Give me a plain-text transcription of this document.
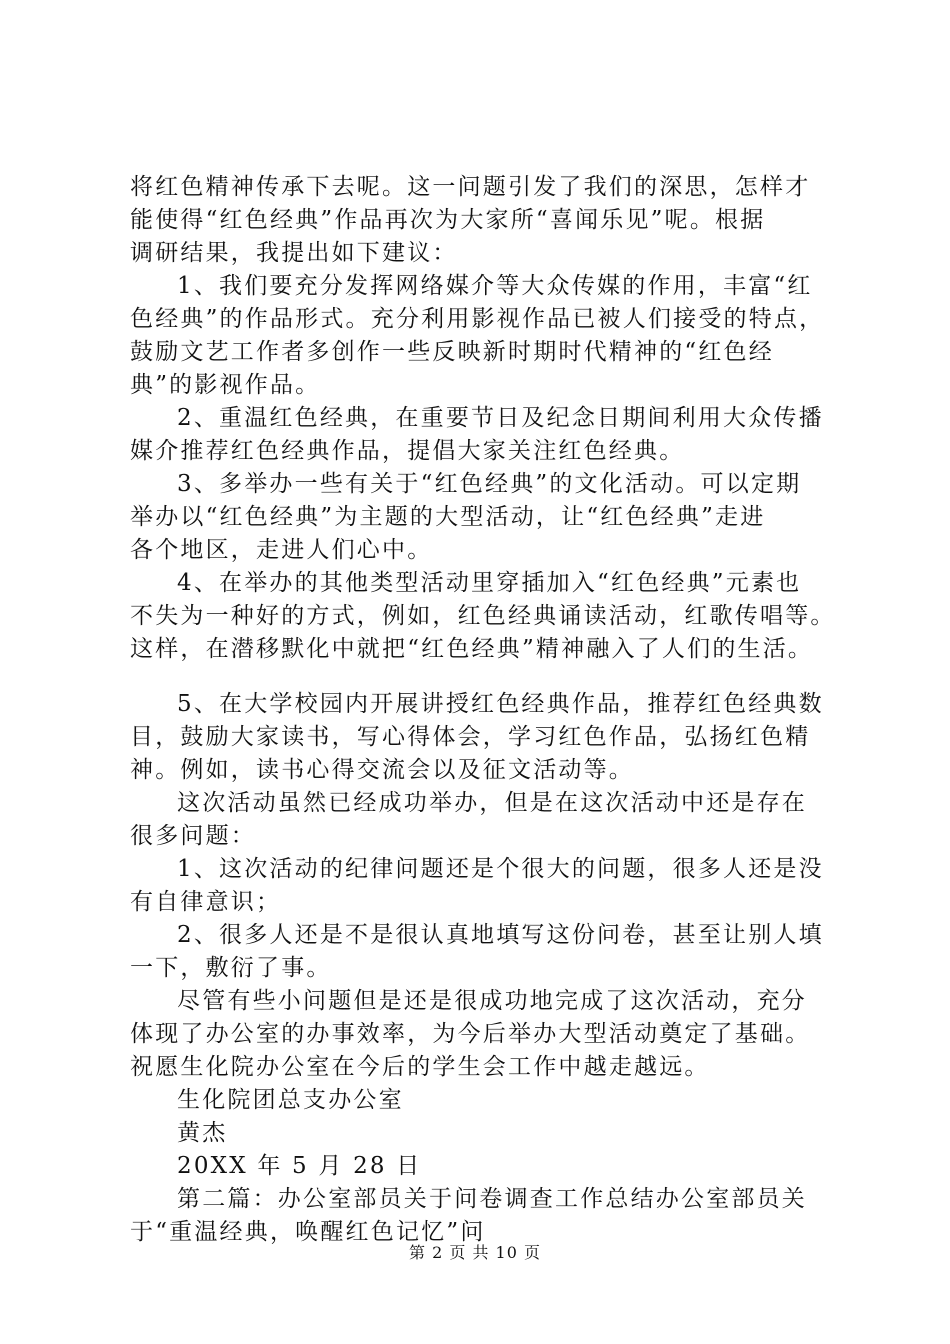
将红色精神传承下去呢。这一问题引发了我们的深思，怎样才
能使得“红色经典”作品再次为大家所“喜闻乐见”呢。根据
调研结果，我提出如下建议：
1、我们要充分发挥网络媒介等大众传媒的作用，丰富“红
色经典”的作品形式。充分利用影视作品已被人们接受的特点，
鼓励文艺工作者多创作一些反映新时期时代精神的“红色经
典”的影视作品。
2、重温红色经典，在重要节日及纪念日期间利用大众传播
媒介推荐红色经典作品，提倡大家关注红色经典。
3、多举办一些有关于“红色经典”的文化活动。可以定期
举办以“红色经典”为主题的大型活动，让“红色经典”走进
各个地区，走进人们心中。
4、在举办的其他类型活动里穿插加入“红色经典”元素也
不失为一种好的方式，例如，红色经典诵读活动，红歌传唱等。
这样，在潜移默化中就把“红色经典”精神融入了人们的生活。
5、在大学校园内开展讲授红色经典作品，推荐红色经典数
目，鼓励大家读书，写心得体会，学习红色作品，弘扬红色精
神。例如，读书心得交流会以及征文活动等。
这次活动虽然已经成功举办，但是在这次活动中还是存在
很多问题：
1、这次活动的纪律问题还是个很大的问题，很多人还是没
有自律意识；
2、很多人还是不是很认真地填写这份问卷，甚至让别人填
一下，敷衍了事。
尽管有些小问题但是还是很成功地完成了这次活动，充分
体现了办公室的办事效率，为今后举办大型活动奠定了基础。
祝愿生化院办公室在今后的学生会工作中越走越远。
生化院团总支办公室
黄杰
20XX 年 5 月 28 日
第二篇：办公室部员关于问卷调查工作总结办公室部员关
于“重温经典，唤醒红色记忆”问
第 2 页 共 10 页
